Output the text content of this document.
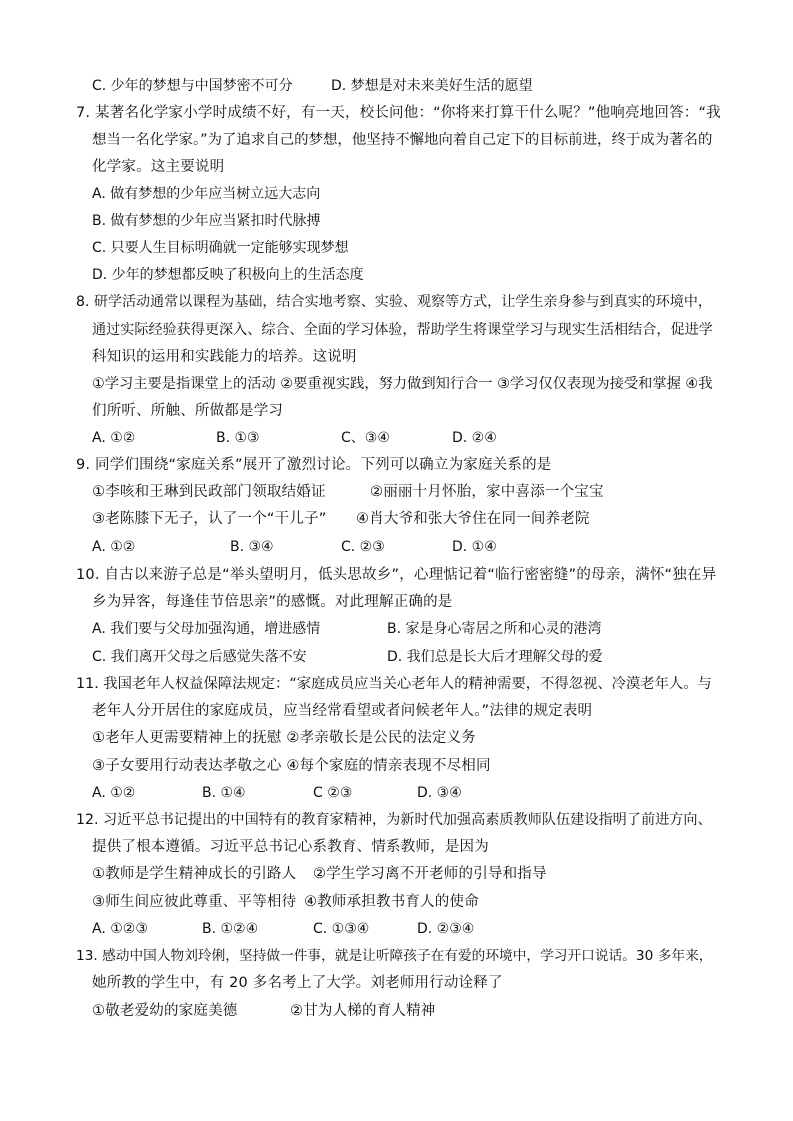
C. 少年的梦想与中国梦密不可分	D. 梦想是对未来美好生活的愿望
7. 某著名化学家小学时成绩不好，有一天，校长问他：“你将来打算干什么呢？”他响亮地回答：“我
想当一名化学家。”为了追求自己的梦想，他坚持不懈地向着自己定下的目标前进，终于成为著名的
化学家。这主要说明
A. 做有梦想的少年应当树立远大志向
B. 做有梦想的少年应当紧扣时代脉搏
C. 只要人生目标明确就一定能够实现梦想
D. 少年的梦想都反映了积极向上的生活态度
8. 研学活动通常以课程为基础，结合实地考察、实验、观察等方式，让学生亲身参与到真实的环境中，
通过实际经验获得更深入、综合、全面的学习体验，帮助学生将课堂学习与现实生活相结合，促进学
科知识的运用和实践能力的培养。这说明
①学习主要是指课堂上的活动 ②要重视实践，努力做到知行合一 ③学习仅仅表现为接受和掌握 ④我
们所听、所触、所做都是学习
A. ①②	B. ①③	C、③④	D. ②④
9. 同学们围绕“家庭关系”展开了激烈讨论。下列可以确立为家庭关系的是
①李咳和王琳到民政部门领取结婚证	②丽丽十月怀胎，家中喜添一个宝宝
③老陈膝下无子，认了一个“干儿子” ④肖大爷和张大爷住在同一间养老院
A. ①②	B. ③④	C. ②③	D. ①④
10. 自古以来游子总是“举头望明月，低头思故乡”，心理惦记着“临行密密缝”的母亲，满怀“独在异
乡为异客，每逢佳节倍思亲”的感慨。对此理解正确的是
A. 我们要与父母加强沟通，增进感情	B. 家是身心寄居之所和心灵的港湾
C. 我们离开父母之后感觉失落不安	D. 我们总是长大后才理解父母的爱
11. 我国老年人权益保障法规定：“家庭成员应当关心老年人的精神需要，不得忽视、冷漠老年人。与
老年人分开居住的家庭成员，应当经常看望或者问候老年人。”法律的规定表明
①老年人更需要精神上的抚慰 ②孝亲敬长是公民的法定义务
③子女要用行动表达孝敬之心 ④每个家庭的情亲表现不尽相同
A. ①②	B. ①④	C ②③	D. ③④
12. 习近平总书记提出的中国特有的教育家精神，为新时代加强高素质教师队伍建设指明了前进方向、
提供了根本遵循。习近平总书记心系教育、情系教师，是因为
①教师是学生精神成长的引路人 ②学生学习离不开老师的引导和指导
③师生间应彼此尊重、平等相待 ④教师承担教书育人的使命
A. ①②③	B. ①②④	C. ①③④	D. ②③④
13. 感动中国人物刘玲俐，坚持做一件事，就是让听障孩子在有爱的环境中，学习开口说话。30 多年来，
她所教的学生中，有 20 多名考上了大学。刘老师用行动诠释了
①敬老爱幼的家庭美德	②甘为人梯的育人精神
